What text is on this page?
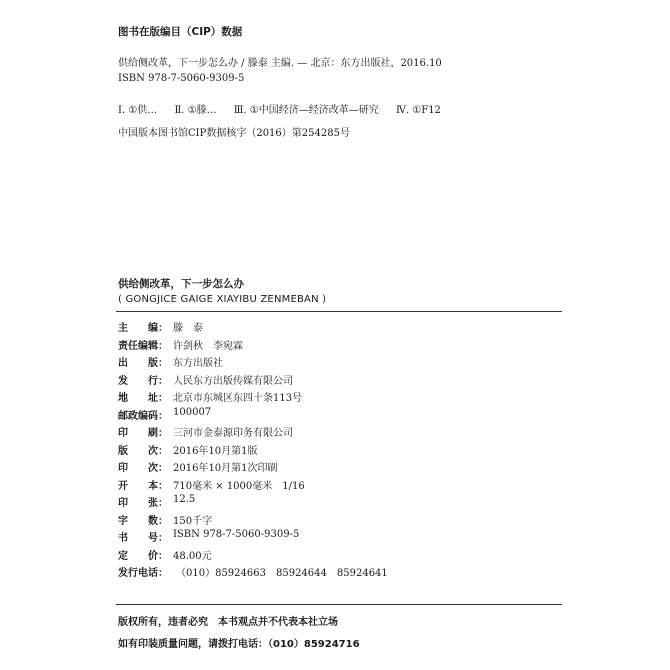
图书在版编目（CIP）数据
供给侧改革，下一步怎么办 / 滕泰 主编. — 北京：东方出版社，2016.10
ISBN 978-7-5060-9309-5
Ⅰ. ①供… Ⅱ. ①滕… Ⅲ. ①中国经济—经济改革—研究 Ⅳ. ①F12
中国版本图书馆CIP数据核字（2016）第254285号
供给侧改革，下一步怎么办
( GONGJICE GAIGE XIAYIBU ZENMEBAN )
主　　编： 滕　泰
责任编辑： 许剑秋　李宛霖
出　　版： 东方出版社
发　　行： 人民东方出版传媒有限公司
地　　址： 北京市东城区东四十条113号
邮政编码： 100007
印　　刷： 三河市金泰源印务有限公司
版　　次： 2016年10月第1版
印　　次： 2016年10月第1次印刷
开　　本： 710毫米 × 1000毫米　1/16
印　　张： 12.5
字　　数： 150千字
书　　号： ISBN 978-7-5060-9309-5
定　　价： 48.00元
发行电话： （010）85924663　85924644　85924641
版权所有，违者必究　本书观点并不代表本社立场
如有印装质量问题，请拨打电话：（010）85924716
